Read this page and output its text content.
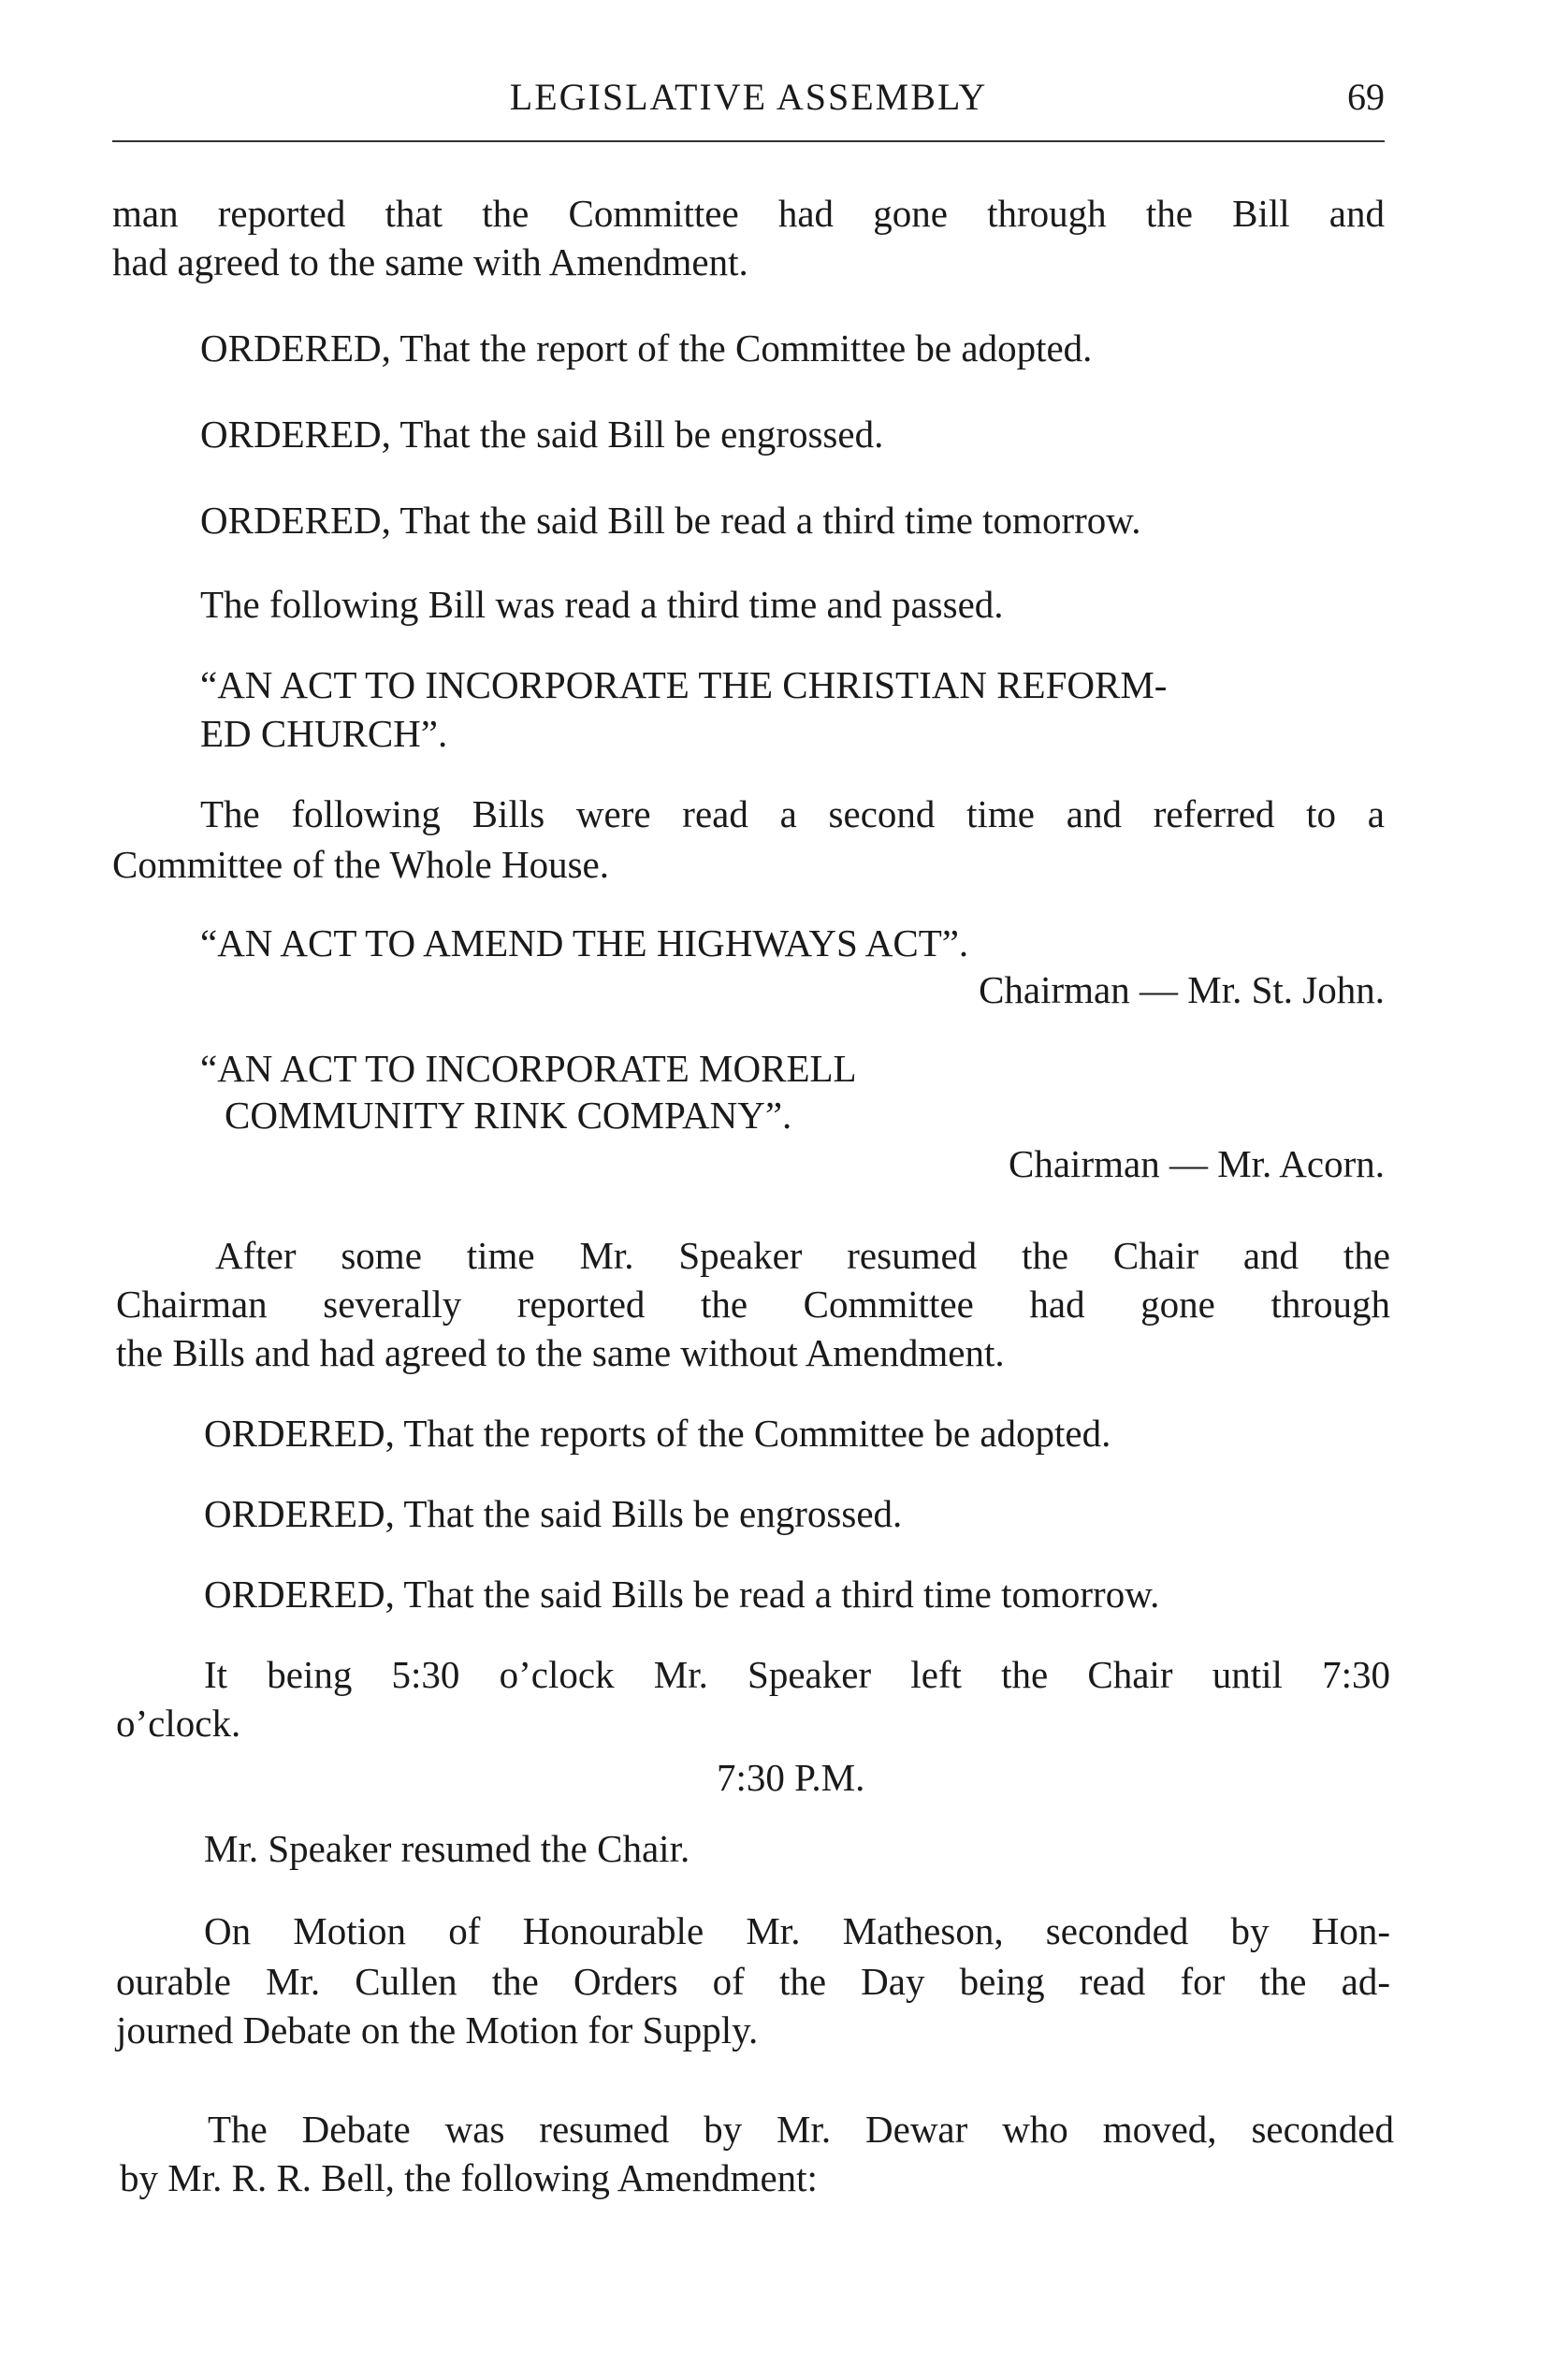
LEGISLATIVE ASSEMBLY	69
man reported that the Committee had gone through the Bill and
had agreed to the same with Amendment.
ORDERED, That the report of the Committee be adopted.
ORDERED, That the said Bill be engrossed.
ORDERED, That the said Bill be read a third time tomorrow.
The following Bill was read a third time and passed.
“AN ACT TO INCORPORATE THE CHRISTIAN REFORM-
ED CHURCH”.
The following Bills were read a second time and referred to a
Committee of the Whole House.
“AN ACT TO AMEND THE HIGHWAYS ACT”.
Chairman — Mr. St. John.
“AN ACT TO INCORPORATE MORELL
COMMUNITY RINK COMPANY”.
Chairman — Mr. Acorn.
After some time Mr. Speaker resumed the Chair and the
Chairman severally reported the Committee had gone through
the Bills and had agreed to the same without Amendment.
ORDERED, That the reports of the Committee be adopted.
ORDERED, That the said Bills be engrossed.
ORDERED, That the said Bills be read a third time tomorrow.
It being 5:30 o’clock Mr. Speaker left the Chair until 7:30
o’clock.
7:30 P.M.
Mr. Speaker resumed the Chair.
On Motion of Honourable Mr. Matheson, seconded by Hon-
ourable Mr. Cullen the Orders of the Day being read for the ad-
journed Debate on the Motion for Supply.
The Debate was resumed by Mr. Dewar who moved, seconded
by Mr. R. R. Bell, the following Amendment:
